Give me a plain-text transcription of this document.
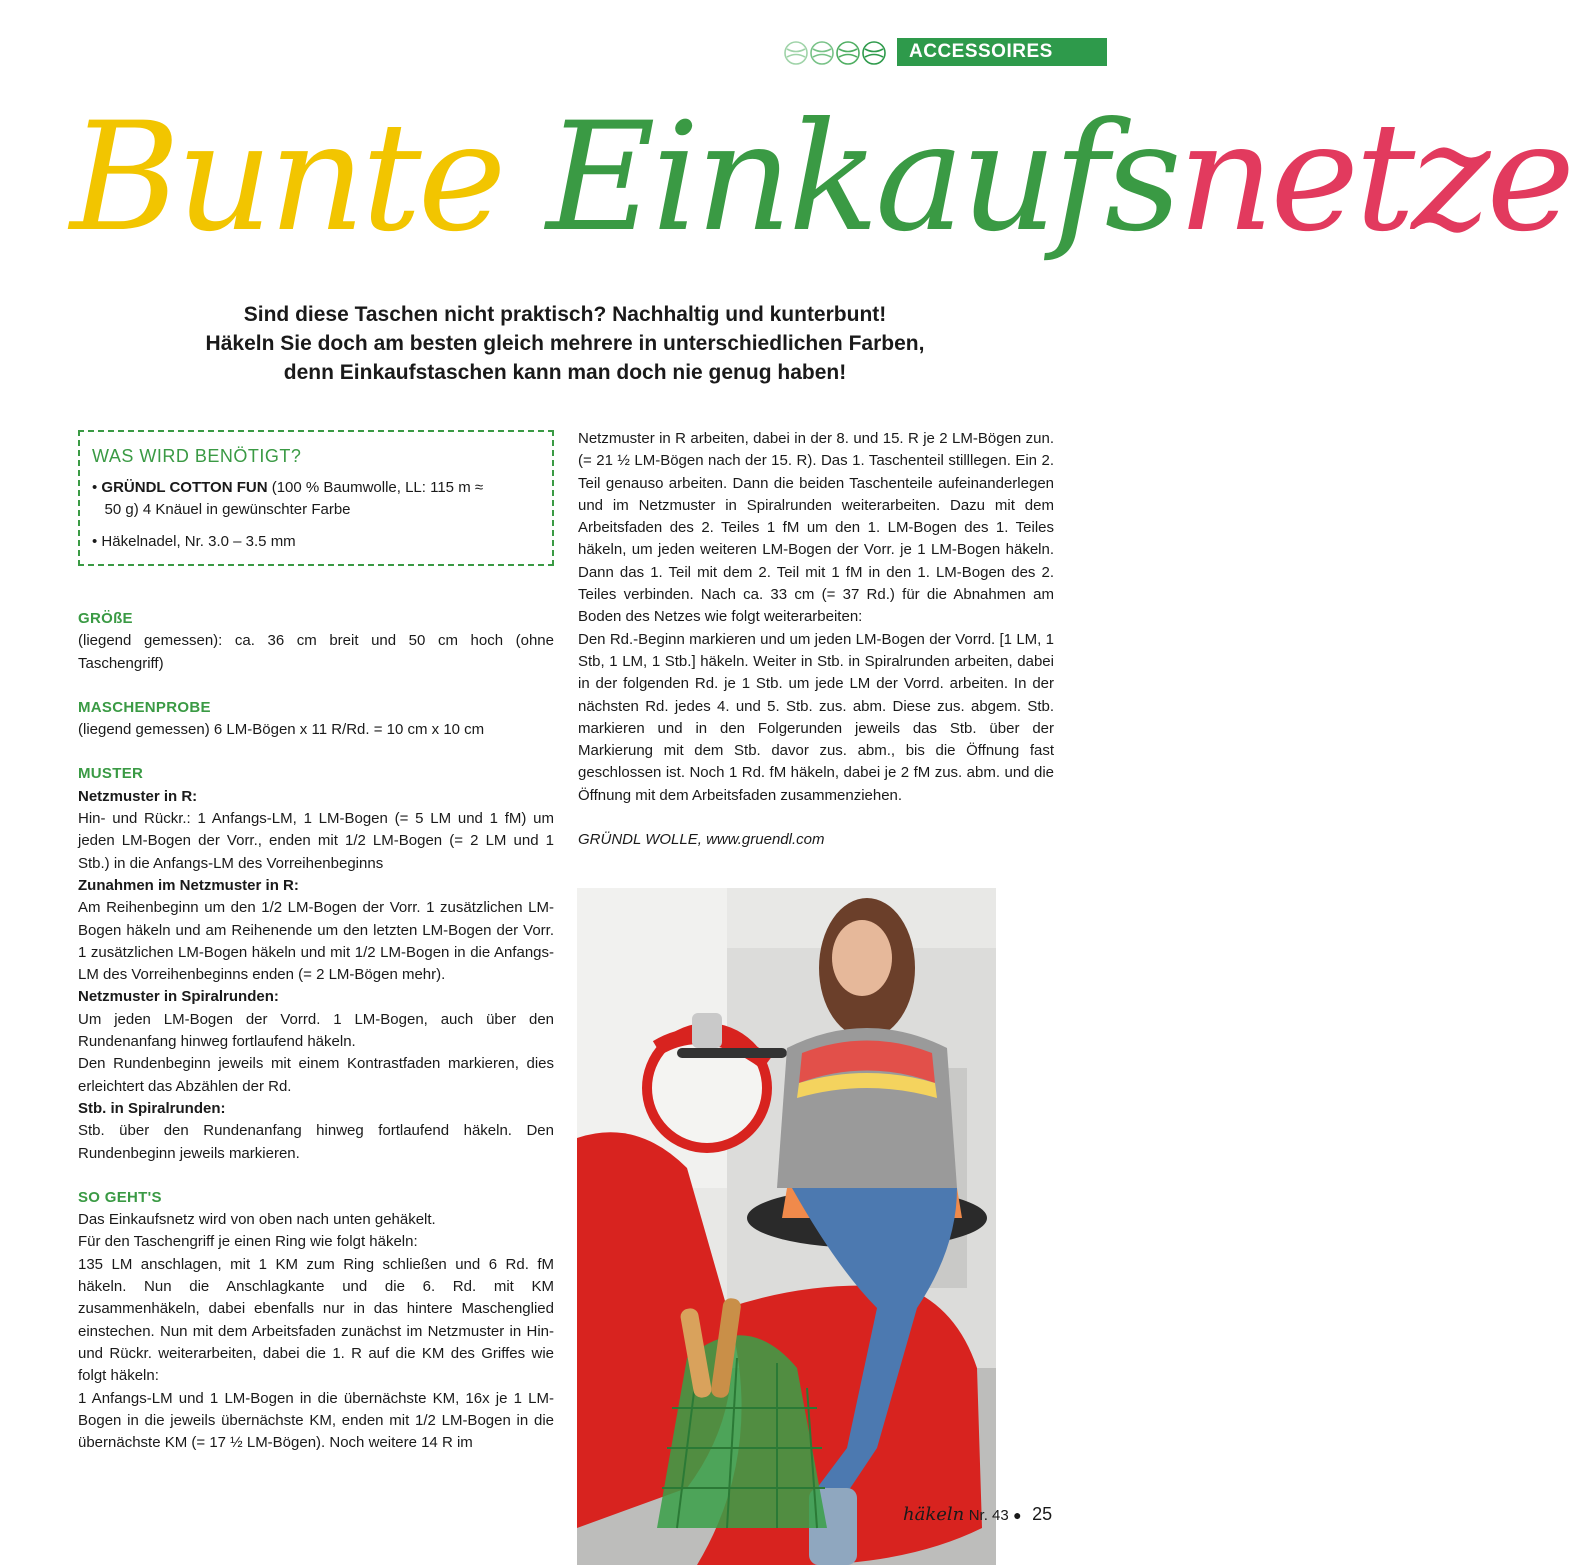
ACCESSOIRES
Bunte Einkaufsnetze
Sind diese Taschen nicht praktisch? Nachhaltig und kunterbunt!
Häkeln Sie doch am besten gleich mehrere in unterschiedlichen Farben,
denn Einkaufstaschen kann man doch nie genug haben!
WAS WIRD BENÖTIGT?
• GRÜNDL COTTON FUN (100 % Baumwolle, LL: 115 m ≈
50 g) 4 Knäuel in gewünschter Farbe
• Häkelnadel, Nr. 3.0 – 3.5 mm
GRÖßE
(liegend gemessen): ca. 36 cm breit und 50 cm hoch (ohne Taschengriff)
MASCHENPROBE
(liegend gemessen) 6 LM-Bögen x 11 R/Rd. = 10 cm x 10 cm
MUSTER
Netzmuster in R:
Hin- und Rückr.: 1 Anfangs-LM, 1 LM-Bogen (= 5 LM und 1 fM) um jeden LM-Bogen der Vorr., enden mit 1/2 LM-Bogen (= 2 LM und 1 Stb.) in die Anfangs-LM des Vorreihenbeginns
Zunahmen im Netzmuster in R:
Am Reihenbeginn um den 1/2 LM-Bogen der Vorr. 1 zusätzlichen LM-Bogen häkeln und am Reihenende um den letzten LM-Bogen der Vorr. 1 zusätzlichen LM-Bogen häkeln und mit 1/2 LM-Bogen in die Anfangs-LM des Vorreihenbeginns enden (= 2 LM-Bögen mehr).
Netzmuster in Spiralrunden:
Um jeden LM-Bogen der Vorrd. 1 LM-Bogen, auch über den Rundenanfang hinweg fortlaufend häkeln.
Den Rundenbeginn jeweils mit einem Kontrastfaden markieren, dies erleichtert das Abzählen der Rd.
Stb. in Spiralrunden:
Stb. über den Rundenanfang hinweg fortlaufend häkeln. Den Rundenbeginn jeweils markieren.
SO GEHT'S
Das Einkaufsnetz wird von oben nach unten gehäkelt.
Für den Taschengriff je einen Ring wie folgt häkeln:
135 LM anschlagen, mit 1 KM zum Ring schließen und 6 Rd. fM häkeln. Nun die Anschlagkante und die 6. Rd. mit KM zusammenhäkeln, dabei ebenfalls nur in das hintere Maschenglied einstechen. Nun mit dem Arbeitsfaden zunächst im Netzmuster in Hin- und Rückr. weiterarbeiten, dabei die 1. R auf die KM des Griffes wie folgt häkeln:
1 Anfangs-LM und 1 LM-Bogen in die übernächste KM, 16x je 1 LM-Bogen in die jeweils übernächste KM, enden mit 1/2 LM-Bogen in die übernächste KM (= 17 ½ LM-Bögen). Noch weitere 14 R im
Netzmuster in R arbeiten, dabei in der 8. und 15. R je 2 LM-Bögen zun. (= 21 ½ LM-Bögen nach der 15. R). Das 1. Taschenteil stilllegen. Ein 2. Teil genauso arbeiten. Dann die beiden Taschenteile aufeinanderlegen und im Netzmuster in Spiralrunden weiterarbeiten. Dazu mit dem Arbeitsfaden des 2. Teiles 1 fM um den 1. LM-Bogen des 1. Teiles häkeln, um jeden weiteren LM-Bogen der Vorr. je 1 LM-Bogen häkeln. Dann das 1. Teil mit dem 2. Teil mit 1 fM in den 1. LM-Bogen des 2. Teiles verbinden. Nach ca. 33 cm (= 37 Rd.) für die Abnahmen am Boden des Netzes wie folgt weiterarbeiten:
Den Rd.-Beginn markieren und um jeden LM-Bogen der Vorrd. [1 LM, 1 Stb, 1 LM, 1 Stb.] häkeln. Weiter in Stb. in Spiralrunden arbeiten, dabei in der folgenden Rd. je 1 Stb. um jede LM der Vorrd. arbeiten. In der nächsten Rd. jedes 4. und 5. Stb. zus. abm. Diese zus. abgem. Stb. markieren und in den Folgerunden jeweils das Stb. über der Markierung mit dem Stb. davor zus. abm., bis die Öffnung fast geschlossen ist. Noch 1 Rd. fM häkeln, dabei je 2 fM zus. abm. und die Öffnung mit dem Arbeitsfaden zusammenziehen.
GRÜNDL WOLLE, www.gruendl.com
häkeln Nr. 43 ● 25
